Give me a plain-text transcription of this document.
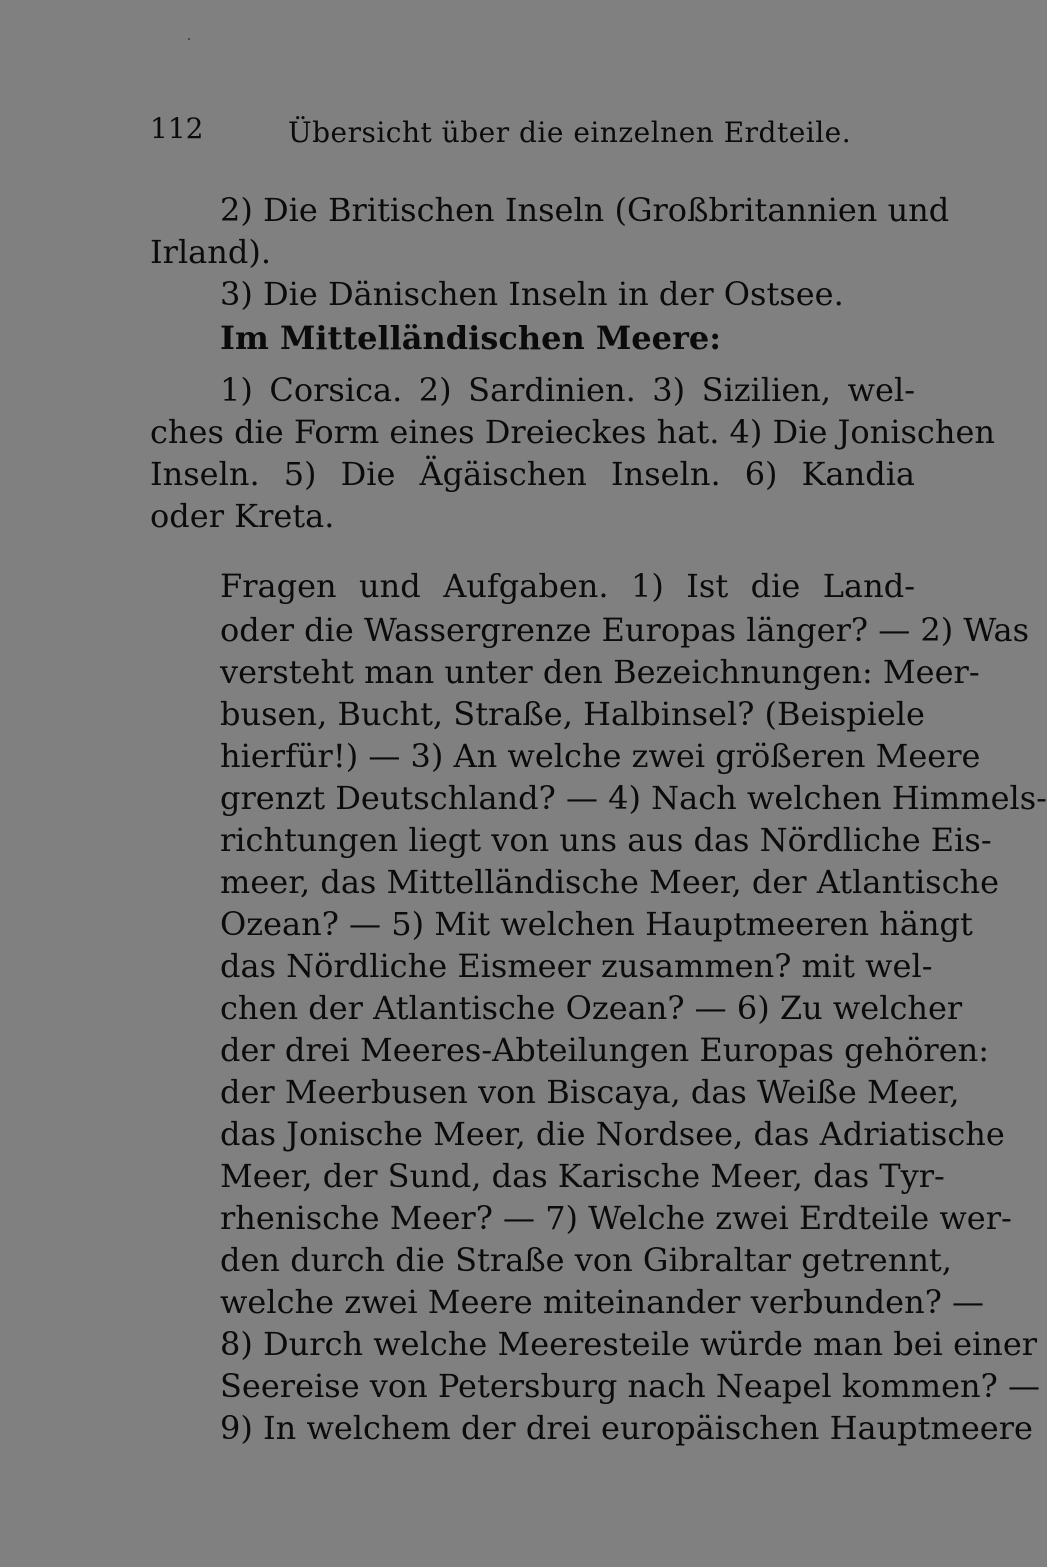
112	Übersicht über die einzelnen Erdteile.
2) Die Britischen Inseln (Großbritannien und
Irland).
3) Die Dänischen Inseln in der Ostsee.
Im Mittelländischen Meere:
1) Corsica. 2) Sardinien. 3) Sizilien, wel-
ches die Form eines Dreieckes hat. 4) Die Jonischen
Inseln. 5) Die Ägäischen Inseln. 6) Kandia
oder Kreta.
Fragen und Aufgaben. 1) Ist die Land-
oder die Wassergrenze Europas länger? — 2) Was
versteht man unter den Bezeichnungen: Meer-
busen, Bucht, Straße, Halbinsel? (Beispiele
hierfür!) — 3) An welche zwei größeren Meere
grenzt Deutschland? — 4) Nach welchen Himmels-
richtungen liegt von uns aus das Nördliche Eis-
meer, das Mittelländische Meer, der Atlantische
Ozean? — 5) Mit welchen Hauptmeeren hängt
das Nördliche Eismeer zusammen? mit wel-
chen der Atlantische Ozean? — 6) Zu welcher
der drei Meeres-Abteilungen Europas gehören:
der Meerbusen von Biscaya, das Weiße Meer,
das Jonische Meer, die Nordsee, das Adriatische
Meer, der Sund, das Karische Meer, das Tyr-
rhenische Meer? — 7) Welche zwei Erdteile wer-
den durch die Straße von Gibraltar getrennt,
welche zwei Meere miteinander verbunden? —
8) Durch welche Meeresteile würde man bei einer
Seereise von Petersburg nach Neapel kommen? —
9) In welchem der drei europäischen Hauptmeere
